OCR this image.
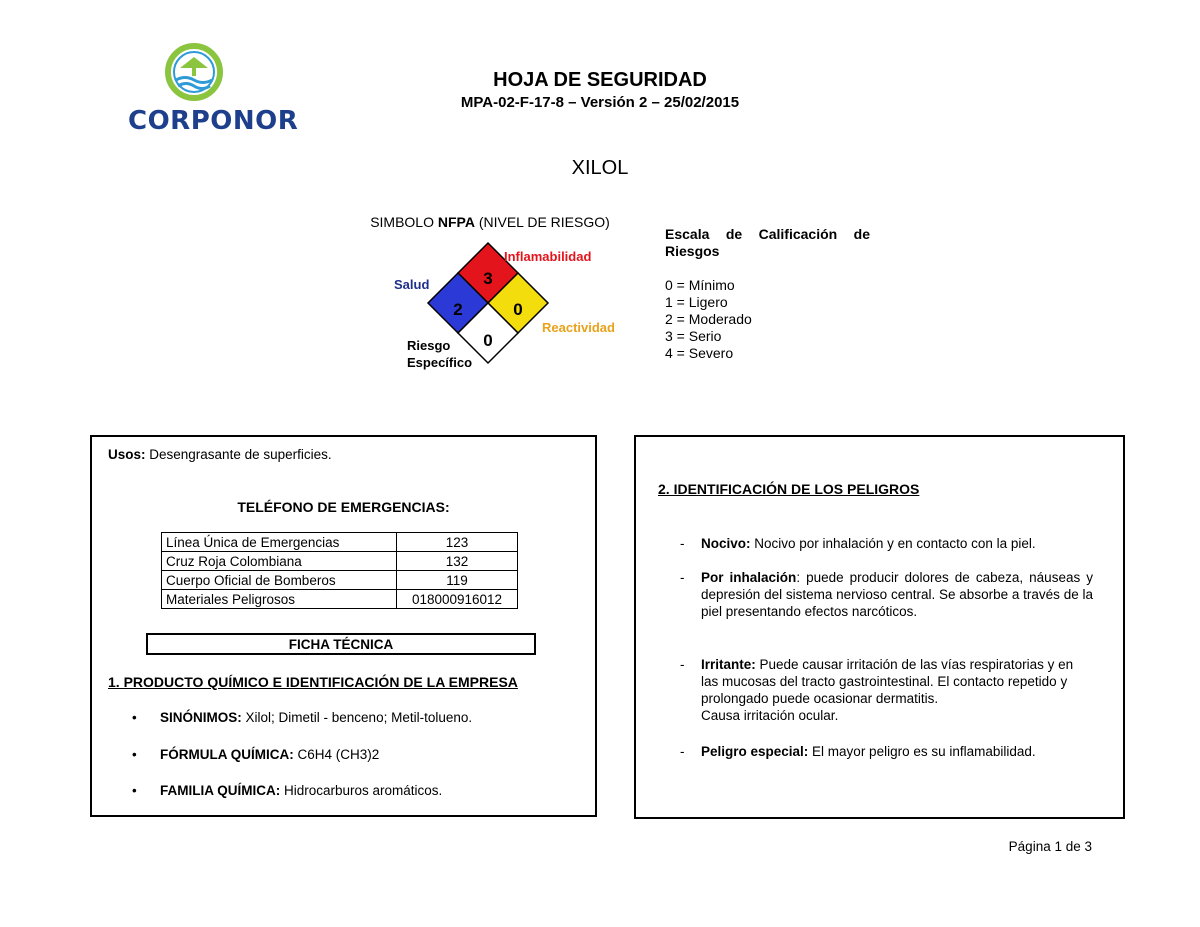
CORPONOR
HOJA DE SEGURIDAD
MPA-02-F-17-8 – Versión 2 – 25/02/2015
XILOL
SIMBOLO NFPA (NIVEL DE RIESGO)
3
2	0
0
Inflamabilidad
Salud
Reactividad
Riesgo
Específico
Escala de Calificación de
Riesgos
0 = Mínimo
1 = Ligero
2 = Moderado
3 = Serio
4 = Severo
Usos: Desengrasante de superficies.
TELÉFONO DE EMERGENCIAS:
Línea Única de Emergencias	123
Cruz Roja Colombiana	132
Cuerpo Oficial de Bomberos	119
Materiales Peligrosos	018000916012
FICHA TÉCNICA
1. PRODUCTO QUÍMICO E IDENTIFICACIÓN DE LA EMPRESA
• SINÓNIMOS: Xilol; Dimetil - benceno; Metil-tolueno.
• FÓRMULA QUÍMICA: C6H4 (CH3)2
• FAMILIA QUÍMICA: Hidrocarburos aromáticos.
2. IDENTIFICACIÓN DE LOS PELIGROS
- Nocivo: Nocivo por inhalación y en contacto con la piel.
- Por inhalación: puede producir dolores de cabeza, náuseas y depresión del sistema nervioso central. Se absorbe a través de la piel presentando efectos narcóticos.
- Irritante: Puede causar irritación de las vías respiratorias y en las mucosas del tracto gastrointestinal. El contacto repetido y prolongado puede ocasionar dermatitis.
Causa irritación ocular.
- Peligro especial: El mayor peligro es su inflamabilidad.
Página 1 de 3
